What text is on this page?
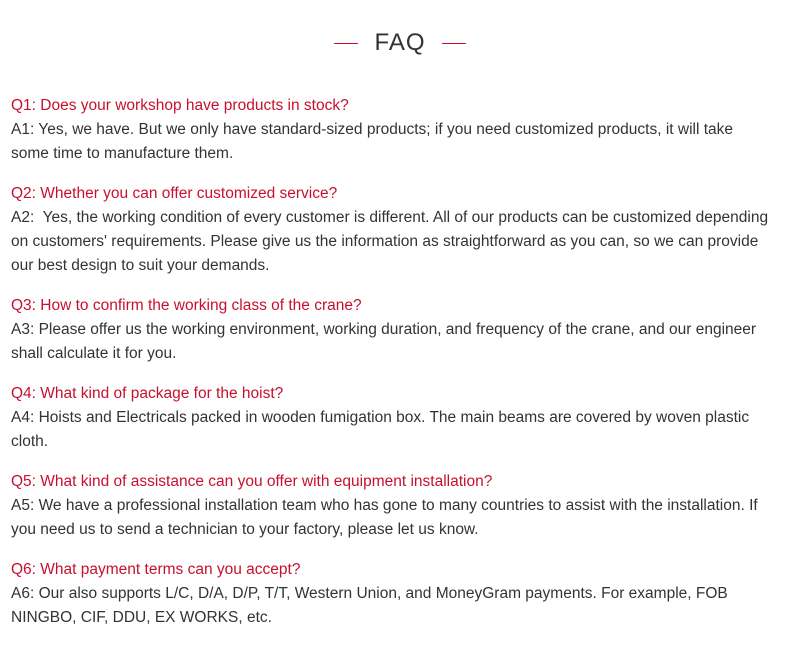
FAQ
Q1: Does your workshop have products in stock?
A1: Yes, we have. But we only have standard-sized products; if you need customized products, it will take some time to manufacture them.
Q2: Whether you can offer customized service?
A2:  Yes, the working condition of every customer is different. All of our products can be customized depending on customers' requirements. Please give us the information as straightforward as you can, so we can provide our best design to suit your demands.
Q3: How to confirm the working class of the crane?
A3: Please offer us the working environment, working duration, and frequency of the crane, and our engineer shall calculate it for you.
Q4: What kind of package for the hoist?
A4: Hoists and Electricals packed in wooden fumigation box. The main beams are covered by woven plastic cloth.
Q5: What kind of assistance can you offer with equipment installation?
A5: We have a professional installation team who has gone to many countries to assist with the installation. If you need us to send a technician to your factory, please let us know.
Q6: What payment terms can you accept?
A6: Our also supports L/C, D/A, D/P, T/T, Western Union, and MoneyGram payments. For example, FOB NINGBO, CIF, DDU, EX WORKS, etc.
